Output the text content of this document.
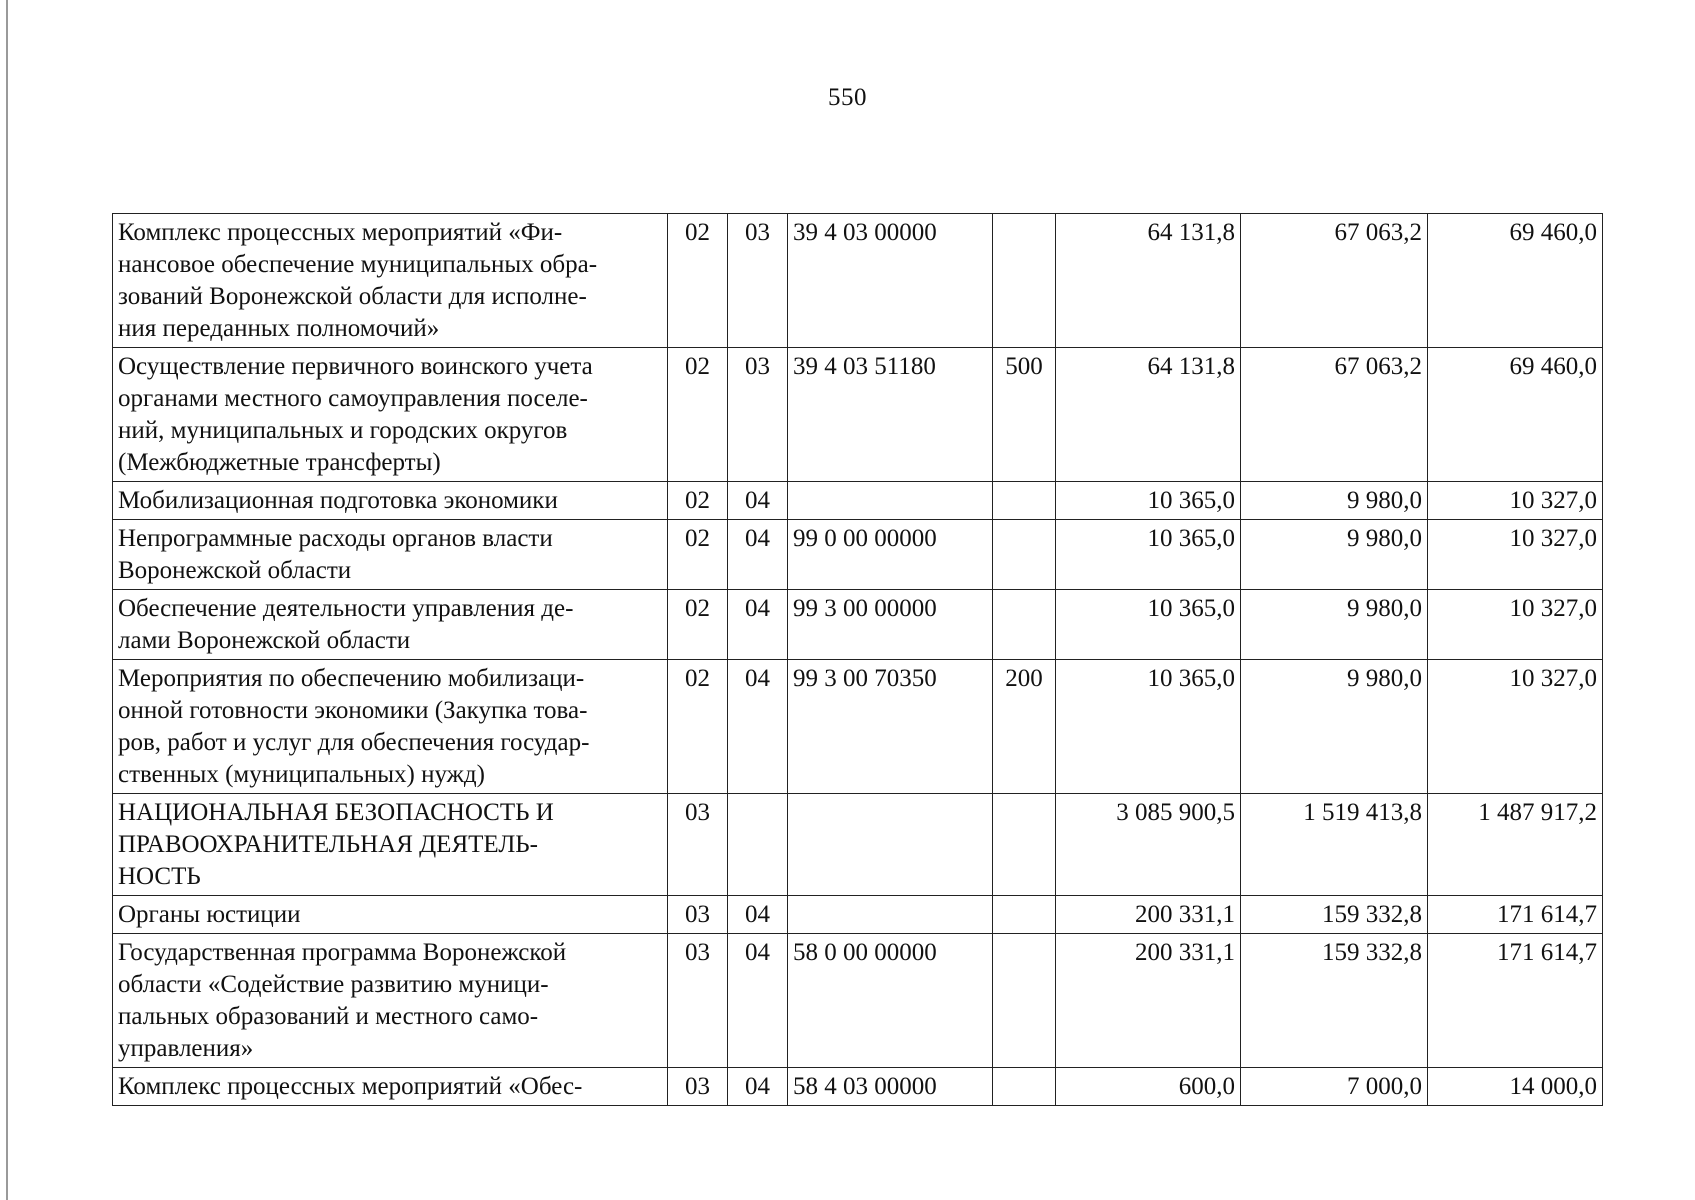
550
Комплекс процессных мероприятий «Фи-
нансовое обеспечение муниципальных обра-
зований Воронежской области для исполне-
ния переданных полномочий»	02	03	39 4 03 00000		64 131,8	67 063,2	69 460,0
Осуществление первичного воинского учета
органами местного самоуправления поселе-
ний, муниципальных и городских округов
(Межбюджетные трансферты)	02	03	39 4 03 51180	500	64 131,8	67 063,2	69 460,0
Мобилизационная подготовка экономики	02	04			10 365,0	9 980,0	10 327,0
Непрограммные расходы органов власти
Воронежской области	02	04	99 0 00 00000		10 365,0	9 980,0	10 327,0
Обеспечение деятельности управления де-
лами Воронежской области	02	04	99 3 00 00000		10 365,0	9 980,0	10 327,0
Мероприятия по обеспечению мобилизаци-
онной готовности экономики (Закупка това-
ров, работ и услуг для обеспечения государ-
ственных (муниципальных) нужд)	02	04	99 3 00 70350	200	10 365,0	9 980,0	10 327,0
НАЦИОНАЛЬНАЯ БЕЗОПАСНОСТЬ И
ПРАВООХРАНИТЕЛЬНАЯ ДЕЯТЕЛЬ-
НОСТЬ	03				3 085 900,5	1 519 413,8	1 487 917,2
Органы юстиции	03	04			200 331,1	159 332,8	171 614,7
Государственная программа Воронежской
области «Содействие развитию муници-
пальных образований и местного само-
управления»	03	04	58 0 00 00000		200 331,1	159 332,8	171 614,7
Комплекс процессных мероприятий «Обес-	03	04	58 4 03 00000		600,0	7 000,0	14 000,0
